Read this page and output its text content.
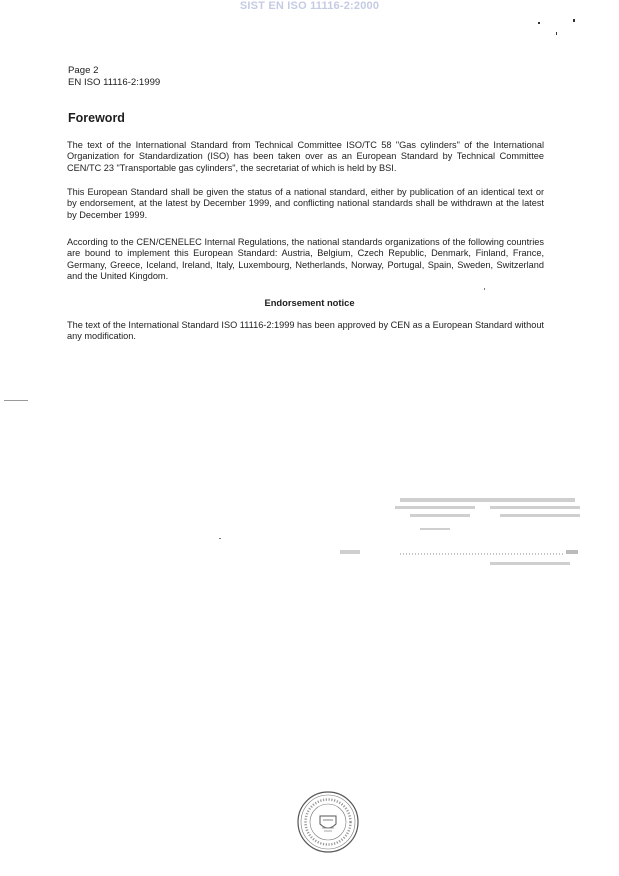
SIST EN ISO 11116-2:2000
Page 2
EN ISO 11116-2:1999
Foreword
The text of the International Standard from Technical Committee ISO/TC 58 "Gas cylinders" of the International Organization for Standardization (ISO) has been taken over as an European Standard by Technical Committee CEN/TC 23 "Transportable gas cylinders", the secretariat of which is held by BSI.
This European Standard shall be given the status of a national standard, either by publication of an identical text or by endorsement, at the latest by December 1999, and conflicting national standards shall be withdrawn at the latest by December 1999.
According to the CEN/CENELEC Internal Regulations, the national standards organizations of the following countries are bound to implement this European Standard: Austria, Belgium, Czech Republic, Denmark, Finland, France, Germany, Greece, Iceland, Ireland, Italy, Luxembourg, Netherlands, Norway, Portugal, Spain, Sweden, Switzerland and the United Kingdom.
Endorsement notice
The text of the International Standard ISO 11116-2:1999 has been approved by CEN as a European Standard without any modification.
